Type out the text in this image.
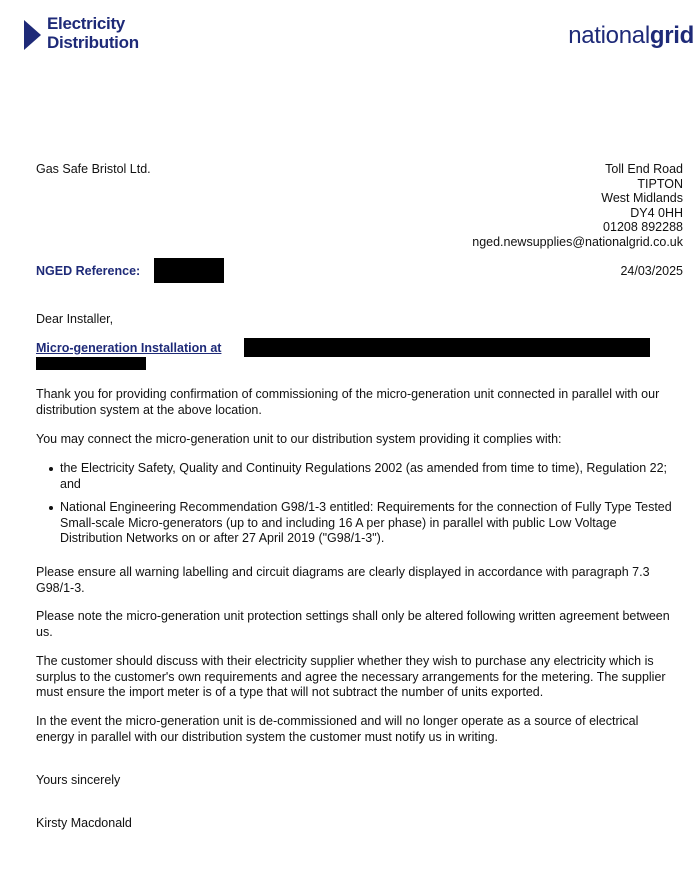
Electricity
Distribution	nationalgrid
Gas Safe Bristol Ltd.	Toll End Road
TIPTON
West Midlands
DY4 0HH
01208 892288
nged.newsupplies@nationalgrid.co.uk
NGED Reference:	24/03/2025
Dear Installer,
Micro-generation Installation at
Thank you for providing confirmation of commissioning of the micro-generation unit connected in parallel with our distribution system at the above location.
You may connect the micro-generation unit to our distribution system providing it complies with:
the Electricity Safety, Quality and Continuity Regulations 2002 (as amended from time to time), Regulation 22; and
National Engineering Recommendation G98/1-3 entitled: Requirements for the connection of Fully Type Tested Small-scale Micro-generators (up to and including 16 A per phase) in parallel with public Low Voltage Distribution Networks on or after 27 April 2019 ("G98/1-3").
Please ensure all warning labelling and circuit diagrams are clearly displayed in accordance with paragraph 7.3 G98/1-3.
Please note the micro-generation unit protection settings shall only be altered following written agreement between us.
The customer should discuss with their electricity supplier whether they wish to purchase any electricity which is surplus to the customer's own requirements and agree the necessary arrangements for the metering. The supplier must ensure the import meter is of a type that will not subtract the number of units exported.
In the event the micro-generation unit is de-commissioned and will no longer operate as a source of electrical energy in parallel with our distribution system the customer must notify us in writing.
Yours sincerely
Kirsty Macdonald
